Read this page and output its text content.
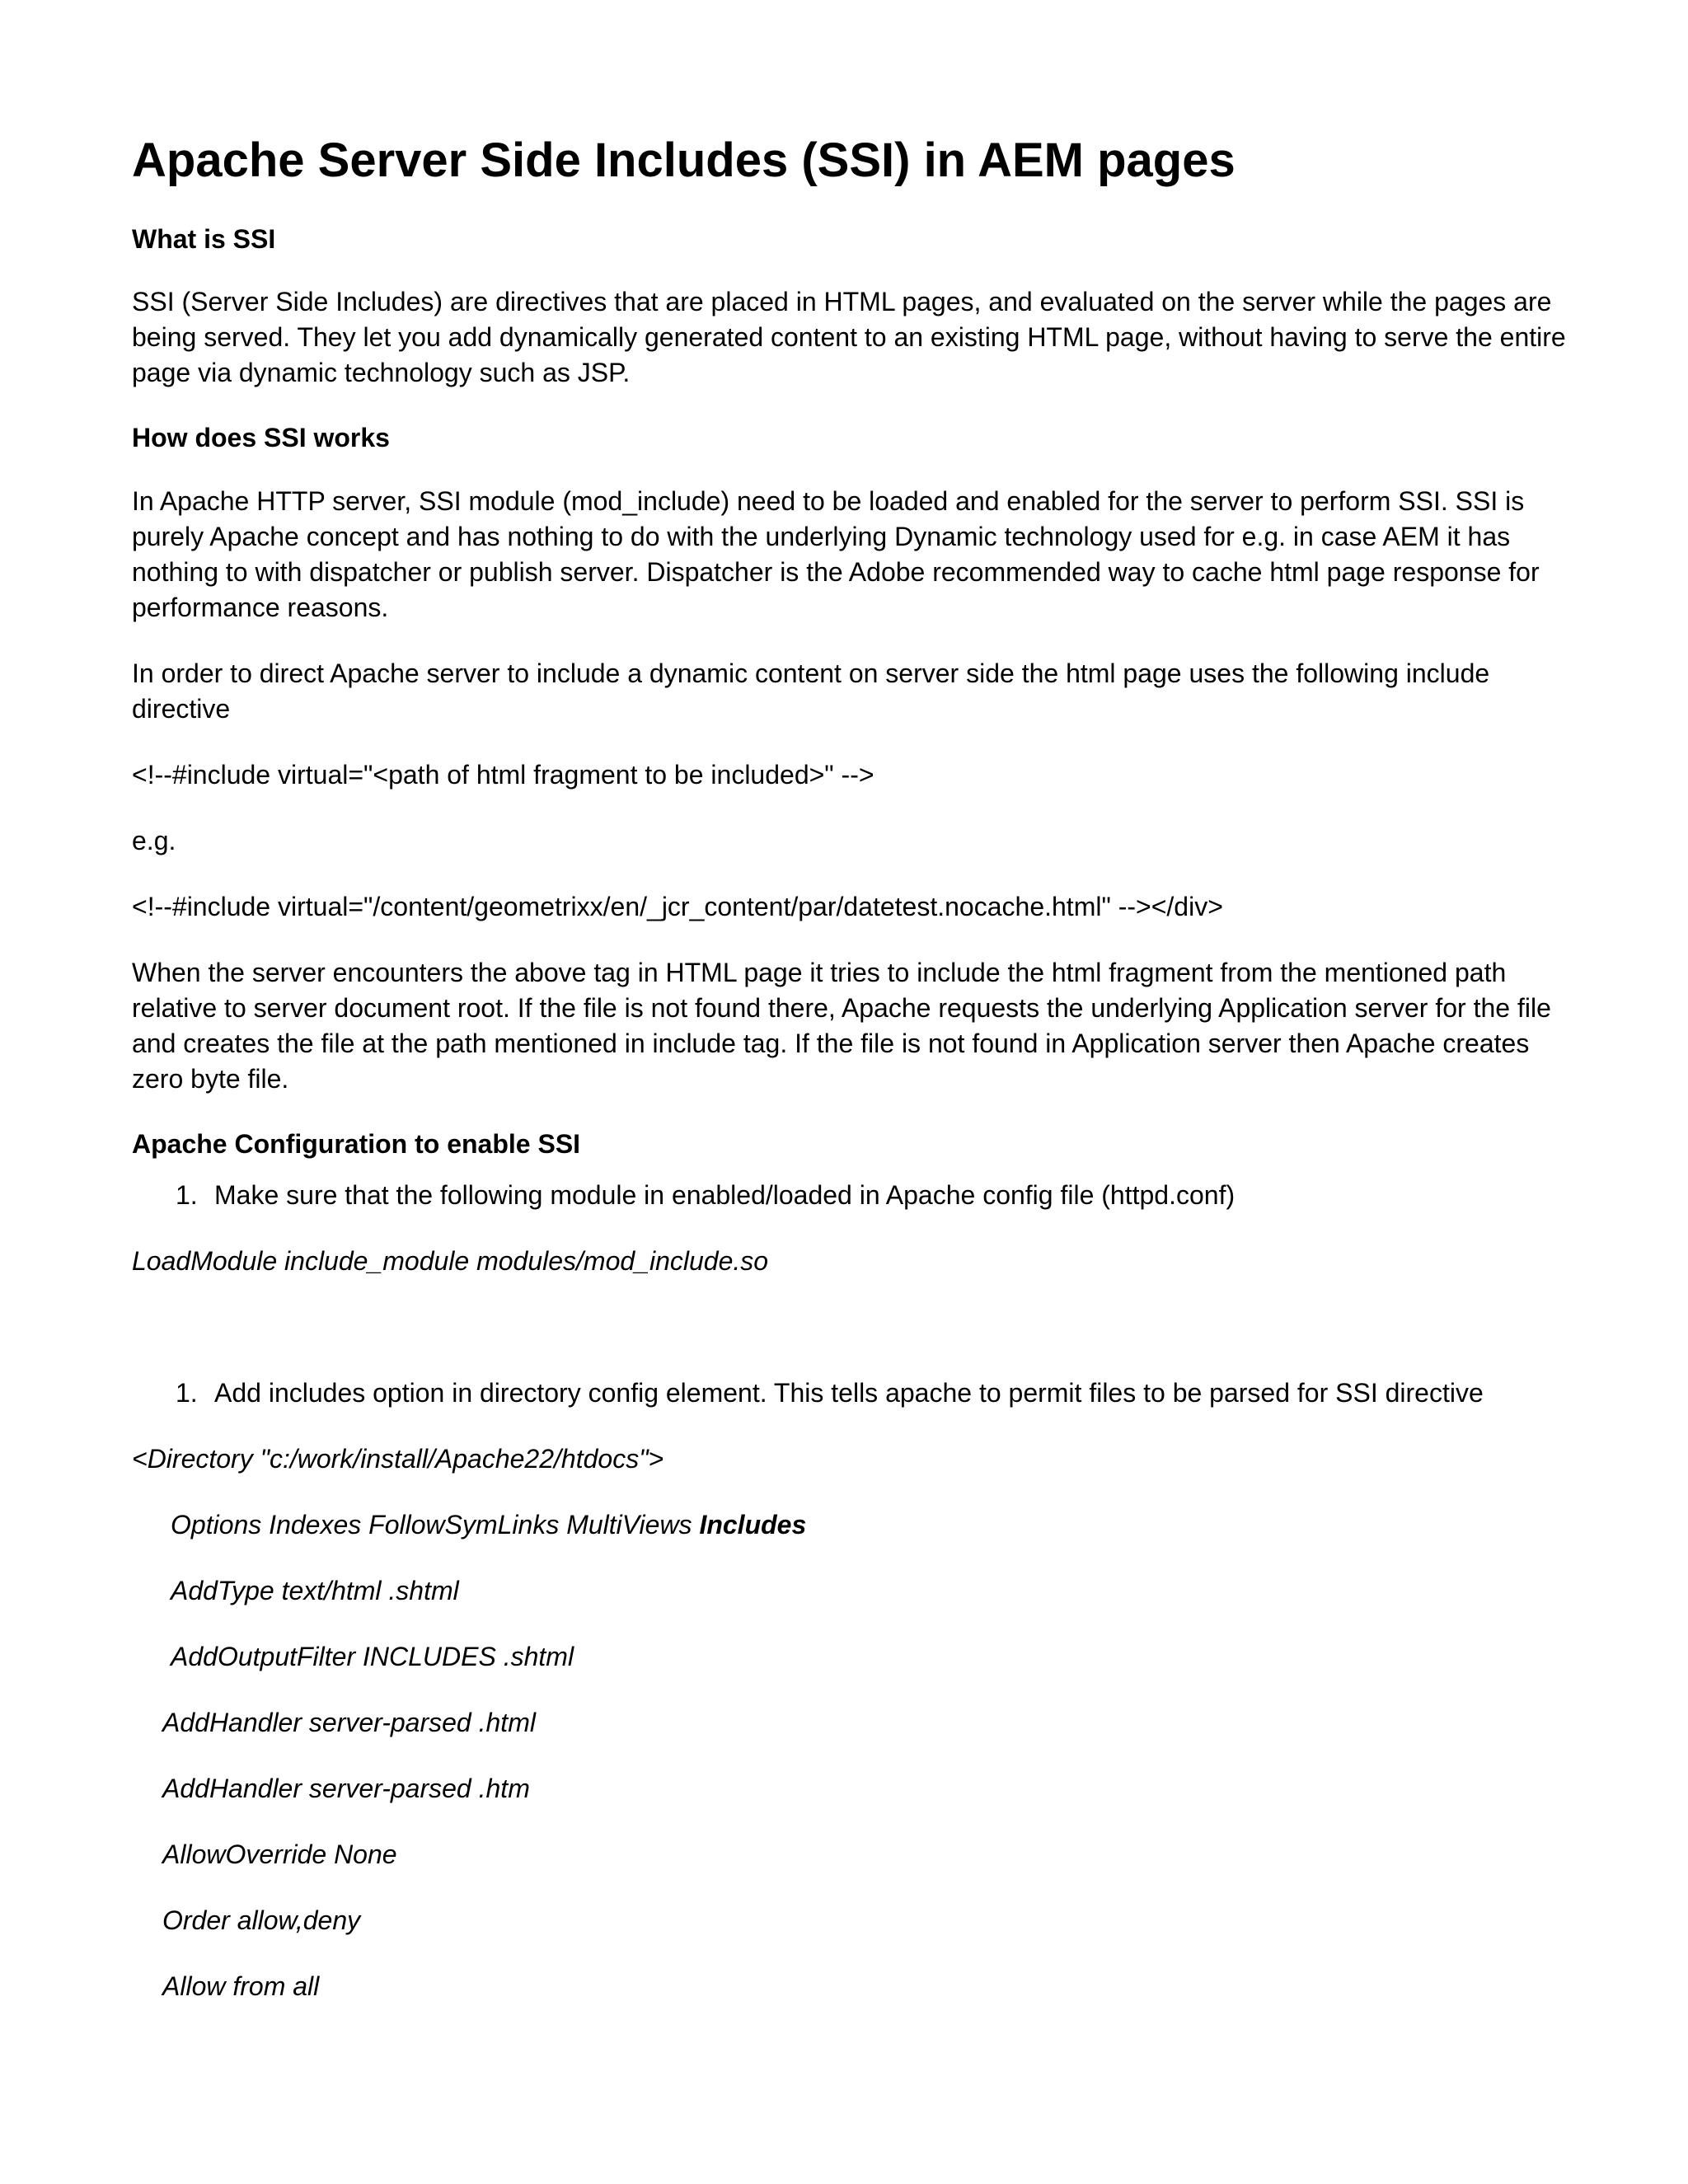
Apache Server Side Includes (SSI) in AEM pages
What is SSI

SSI (Server Side Includes) are directives that are placed in HTML pages, and evaluated on the server while the pages are being served. They let you add dynamically generated content to an existing HTML page, without having to serve the entire page via dynamic technology such as JSP.

How does SSI works

In Apache HTTP server, SSI module (mod_include) need to be loaded and enabled for the server to perform SSI. SSI is purely Apache concept and has nothing to do with the underlying Dynamic technology used for e.g. in case AEM it has nothing to with dispatcher or publish server. Dispatcher is the Adobe recommended way to cache html page response for performance reasons.

In order to direct Apache server to include a dynamic content on server side the html page uses the following include directive

<!--#include virtual="<path of html fragment to be included>" -->

e.g.

<!--#include virtual="/content/geometrixx/en/_jcr_content/par/datetest.nocache.html" --></div>

When the server encounters the above tag in HTML page it tries to include the html fragment from the mentioned path relative to server document root. If the file is not found there, Apache requests the underlying Application server for the file and creates the file at the path mentioned in include tag. If the file is not found in Application server then Apache creates zero byte file.

Apache Configuration to enable SSI
1. Make sure that the following module in enabled/loaded in Apache config file (httpd.conf)

LoadModule include_module modules/mod_include.so

1. Add includes option in directory config element. This tells apache to permit files to be parsed for SSI directive

<Directory "c:/work/install/Apache22/htdocs">

Options Indexes FollowSymLinks MultiViews Includes

AddType text/html .shtml

AddOutputFilter INCLUDES .shtml

AddHandler server-parsed .html

AddHandler server-parsed .htm

AllowOverride None

Order allow,deny

Allow from all
